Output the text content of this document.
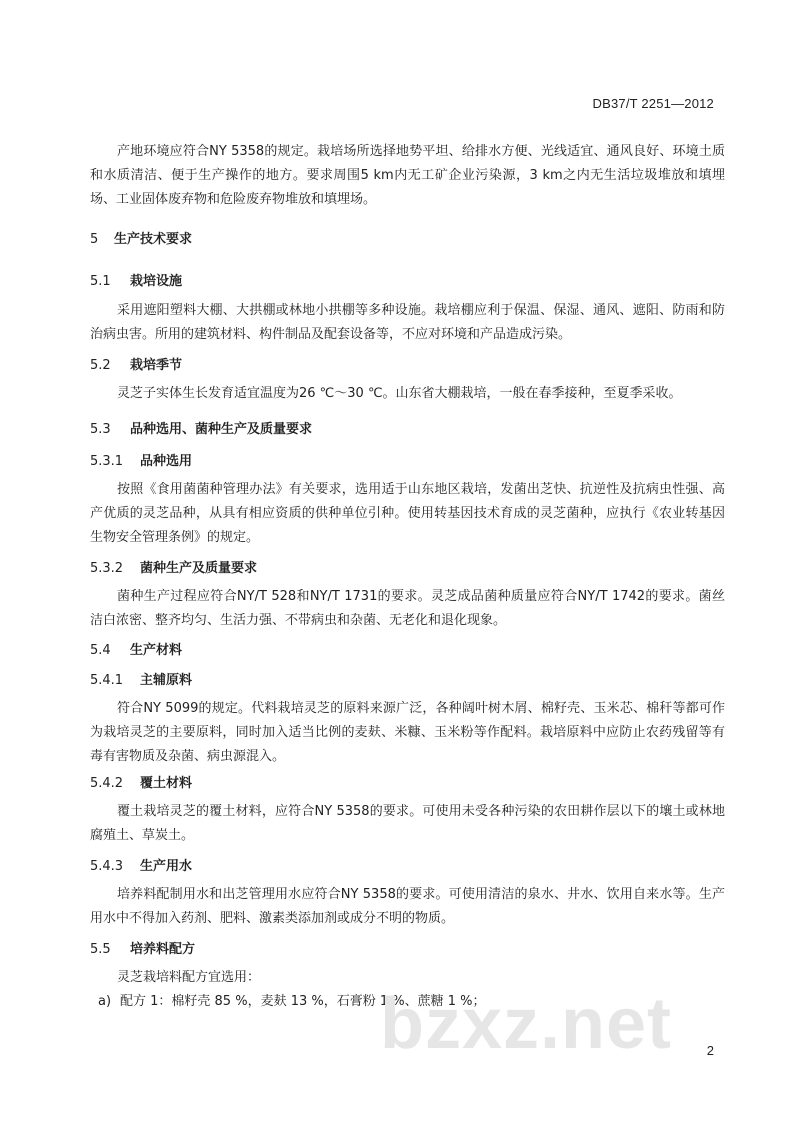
DB37/T 2251—2012

产地环境应符合NY 5358的规定。栽培场所选择地势平坦、给排水方便、光线适宜、通风良好、环境土质和水质清洁、便于生产操作的地方。要求周围5 km内无工矿企业污染源，3 km之内无生活垃圾堆放和填埋场、工业固体废弃物和危险废弃物堆放和填埋场。

5 生产技术要求
5.1 栽培设施

采用遮阳塑料大棚、大拱棚或林地小拱棚等多种设施。栽培棚应利于保温、保湿、通风、遮阳、防雨和防治病虫害。所用的建筑材料、构件制品及配套设备等，不应对环境和产品造成污染。

5.2 栽培季节

灵芝子实体生长发育适宜温度为26 ℃～30 ℃。山东省大棚栽培，一般在春季接种，至夏季采收。

5.3 品种选用、菌种生产及质量要求
5.3.1 品种选用

按照《食用菌菌种管理办法》有关要求，选用适于山东地区栽培，发菌出芝快、抗逆性及抗病虫性强、高产优质的灵芝品种，从具有相应资质的供种单位引种。使用转基因技术育成的灵芝菌种，应执行《农业转基因生物安全管理条例》的规定。

5.3.2 菌种生产及质量要求

菌种生产过程应符合NY/T 528和NY/T 1731的要求。灵芝成品菌种质量应符合NY/T 1742的要求。菌丝洁白浓密、整齐均匀、生活力强、不带病虫和杂菌、无老化和退化现象。

5.4 生产材料
5.4.1 主辅原料

符合NY 5099的规定。代料栽培灵芝的原料来源广泛，各种阔叶树木屑、棉籽壳、玉米芯、棉秆等都可作为栽培灵芝的主要原料，同时加入适当比例的麦麸、米糠、玉米粉等作配料。栽培原料中应防止农药残留等有毒有害物质及杂菌、病虫源混入。

5.4.2 覆土材料

覆土栽培灵芝的覆土材料，应符合NY 5358的要求。可使用未受各种污染的农田耕作层以下的壤土或林地腐殖土、草炭土。

5.4.3 生产用水

培养料配制用水和出芝管理用水应符合NY 5358的要求。可使用清洁的泉水、井水、饮用自来水等。生产用水中不得加入药剂、肥料、激素类添加剂或成分不明的物质。

5.5 培养料配方

灵芝栽培料配方宜选用：

a) 配方 1：棉籽壳 85 %，麦麸 13 %，石膏粉 1 %、蔗糖 1 %；

bzxz.net	2
